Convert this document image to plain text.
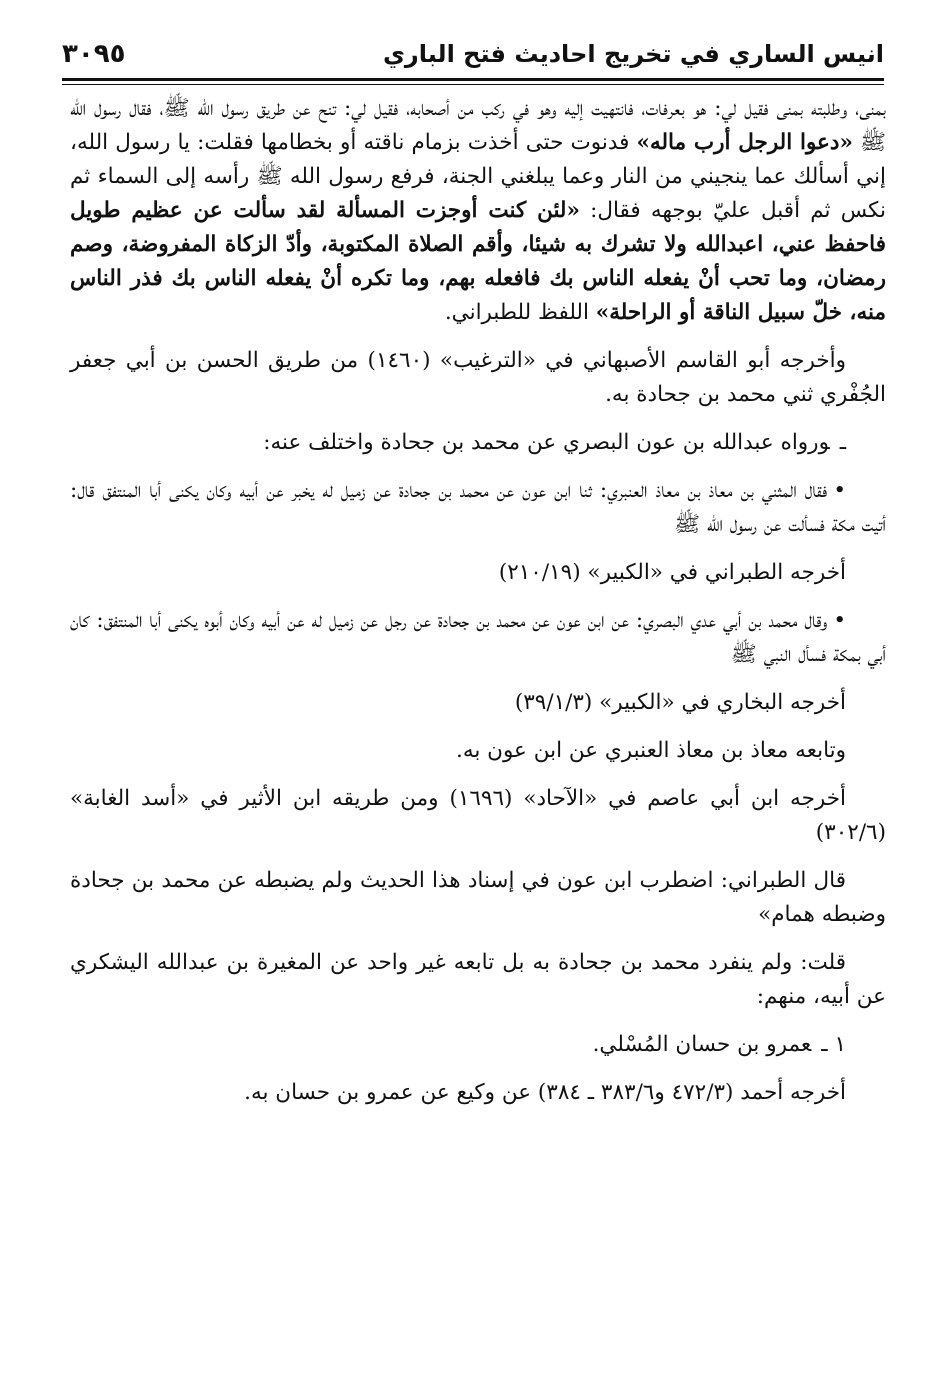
انيس الساري في تخريج احاديث فتح الباري
٣٠٩٥

بمنى، وطلبته بمنى فقيل لي: هو بعرفات، فانتهيت إليه وهو في ركب من أصحابه، فقيل لي: تنح عن طريق رسول الله ﷺ، فقال رسول الله ﷺ «دعوا الرجل أرب ماله» فدنوت حتى أخذت بزمام ناقته أو بخطامها فقلت: يا رسول الله، إني أسألك عما ينجيني من النار وعما يبلغني الجنة، فرفع رسول الله ﷺ رأسه إلى السماء ثم نكس ثم أقبل عليّ بوجهه فقال: «لئن كنت أوجزت المسألة لقد سألت عن عظيم طويل فاحفظ عني، اعبدالله ولا تشرك به شيئا، وأقم الصلاة المكتوبة، وأدّ الزكاة المفروضة، وصم رمضان، وما تحب أنْ يفعله الناس بك فافعله بهم، وما تكره أنْ يفعله الناس بك فذر الناس منه، خلّ سبيل الناقة أو الراحلة» اللفظ للطبراني.

وأخرجه أبو القاسم الأصبهاني في «الترغيب» (١٤٦٠) من طريق الحسن بن أبي جعفر الجُفْري ثني محمد بن جحادة به.

ـورواه عبدالله بن عون البصري عن محمد بن جحادة واختلف عنه:

•فقال المثني بن معاذ بن معاذ العنبري: ثنا ابن عون عن محمد بن جحادة عن زميل له يخبر عن أبيه وكان يكنى أبا المنتفق قال: أتيت مكة فسألت عن رسول الله ﷺ

أخرجه الطبراني في «الكبير» (٢١٠/١٩)

•وقال محمد بن أبي عدي البصري: عن ابن عون عن محمد بن جحادة عن رجل عن زميل له عن أبيه وكان أبوه يكنى أبا المنتفق: كان أبي بمكة فسأل النبي ﷺ

أخرجه البخاري في «الكبير» (٣٩/١/٣)

وتابعه معاذ بن معاذ العنبري عن ابن عون به.

أخرجه ابن أبي عاصم في «الآحاد» (١٦٩٦) ومن طريقه ابن الأثير في «أسد الغابة» (٣٠٢/٦)

قال الطبراني: اضطرب ابن عون في إسناد هذا الحديث ولم يضبطه عن محمد بن جحادة وضبطه همام»

قلت: ولم ينفرد محمد بن جحادة به بل تابعه غير واحد عن المغيرة بن عبدالله اليشكري عن أبيه، منهم:

١ ـعمرو بن حسان المُسْلي.

أخرجه أحمد (٤٧٢/٣ و٣٨٣/٦ ـ ٣٨٤) عن وكيع عن عمرو بن حسان به.
